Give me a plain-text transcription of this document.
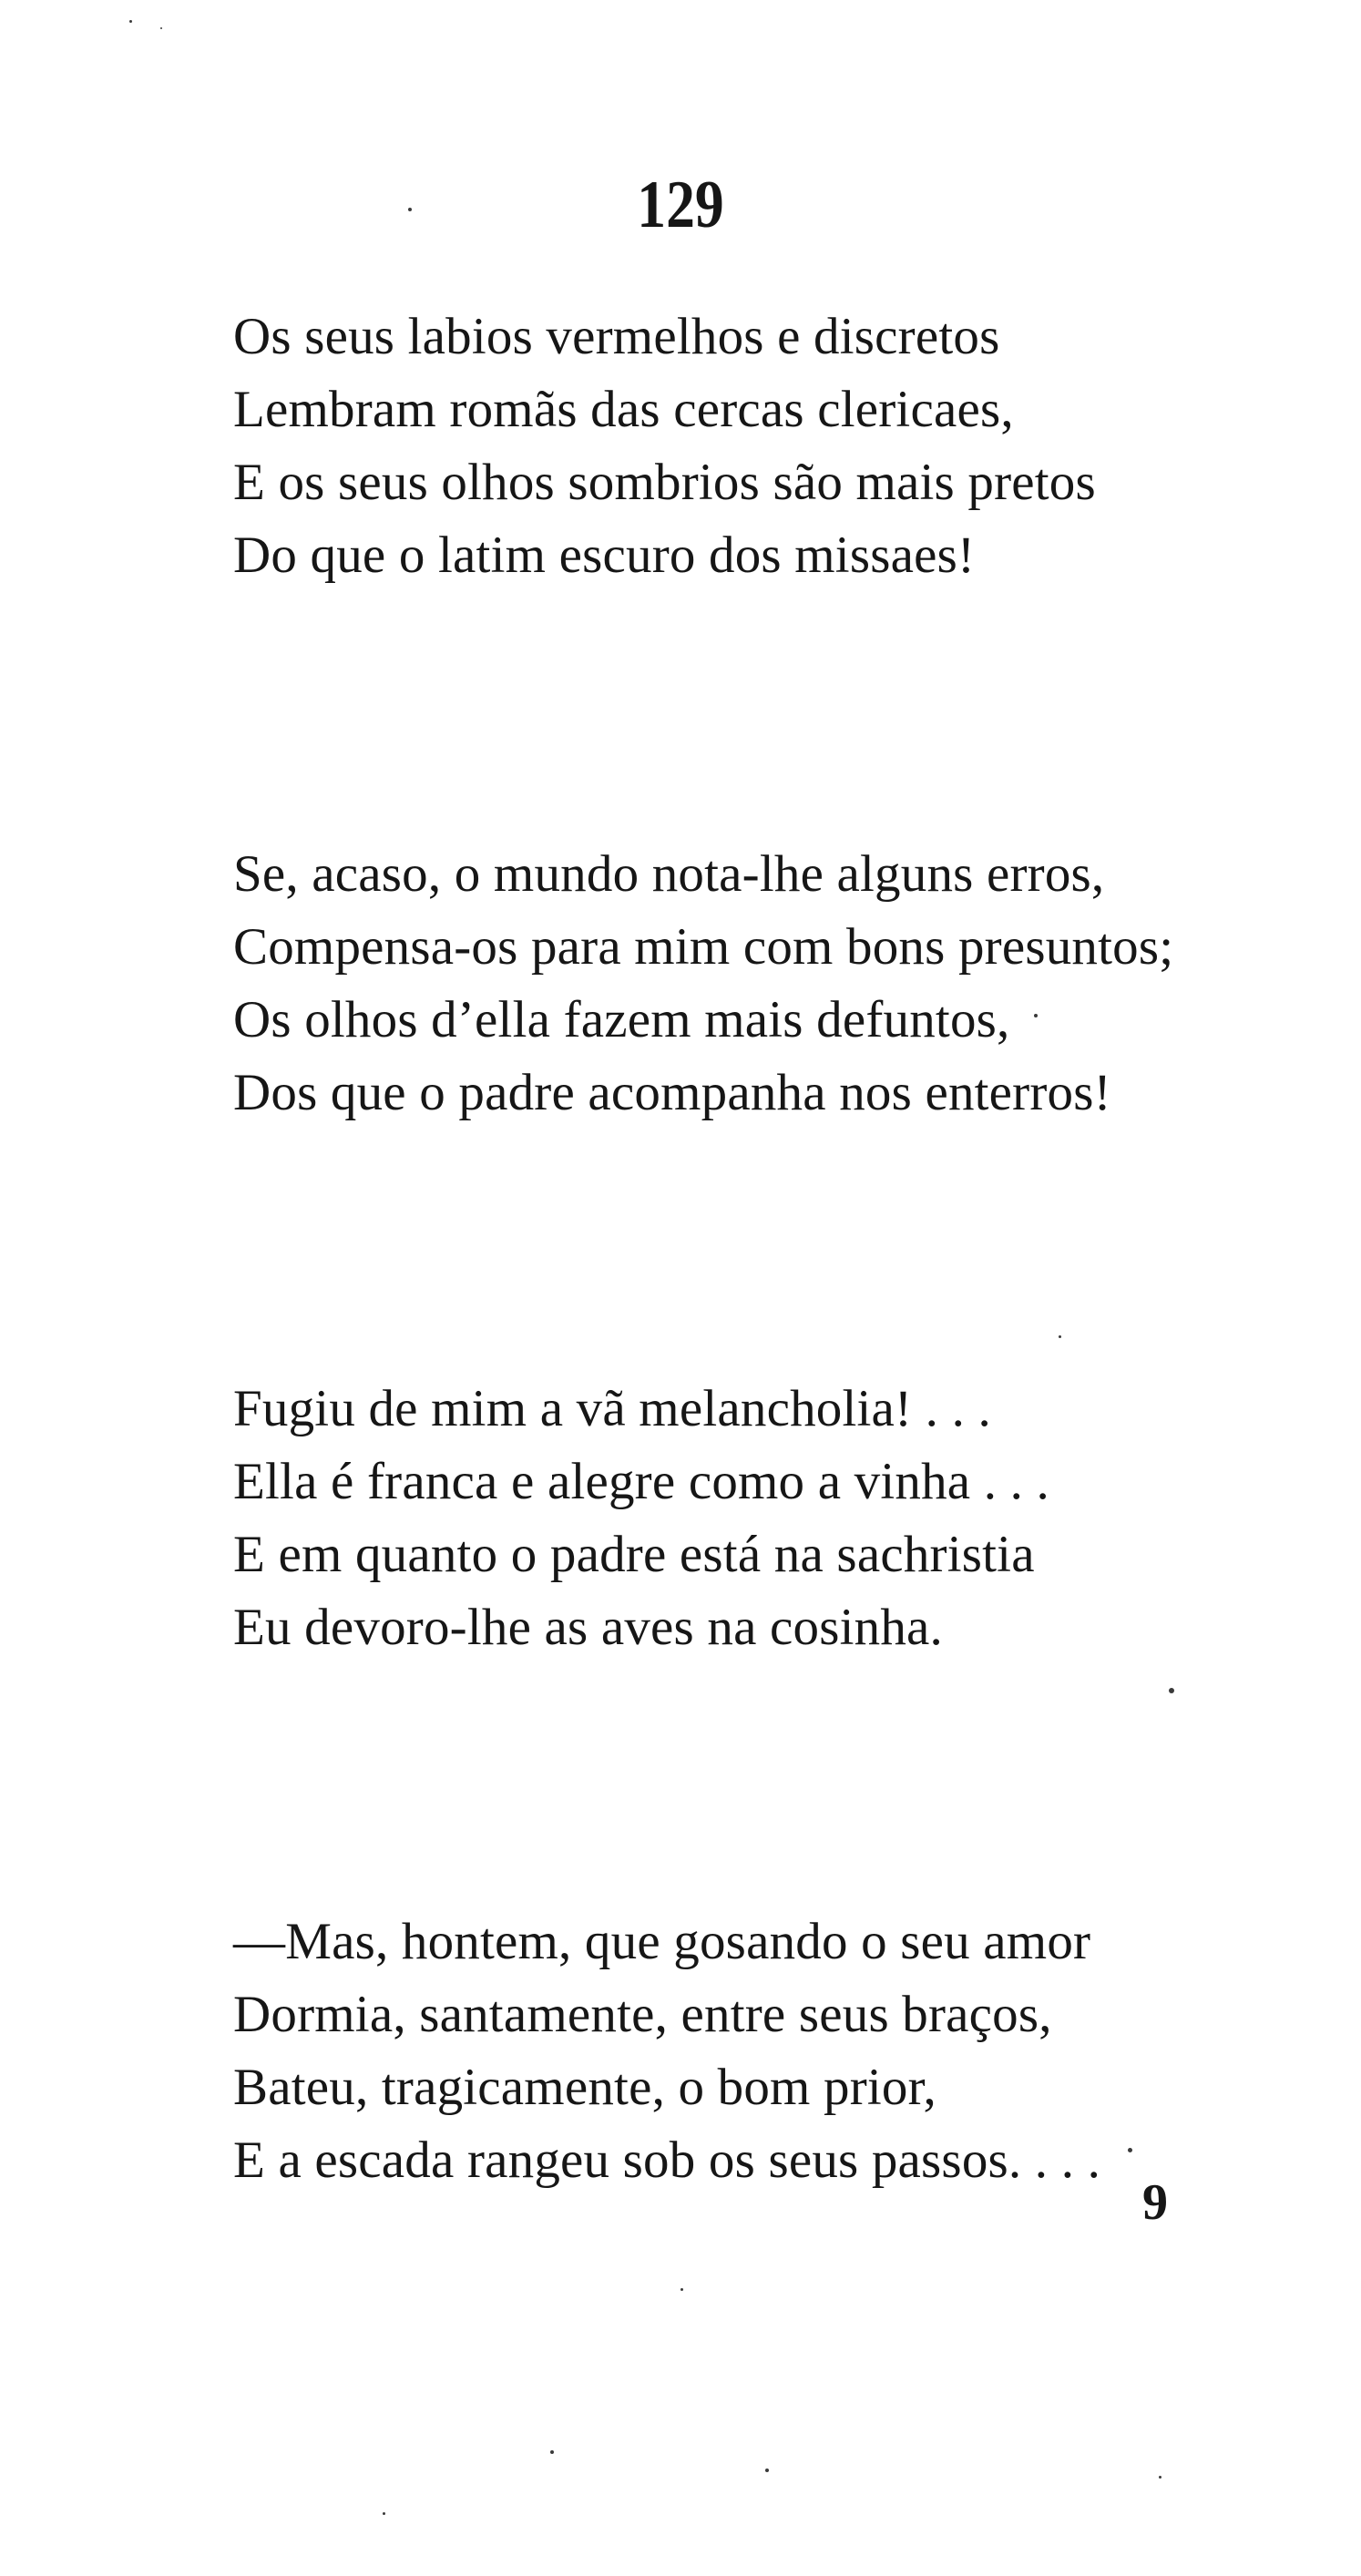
129
Os seus labios vermelhos e discretos
Lembram romãs das cercas clericaes,
E os seus olhos sombrios são mais pretos
Do que o latim escuro dos missaes!
Se, acaso, o mundo nota-lhe alguns erros,
Compensa-os para mim com bons presuntos;
Os olhos d’ella fazem mais defuntos,
Dos que o padre acompanha nos enterros!
Fugiu de mim a vã melancholia! . . .
Ella é franca e alegre como a vinha . . .
E em quanto o padre está na sachristia
Eu devoro-lhe as aves na cosinha.
—Mas, hontem, que gosando o seu amor
Dormia, santamente, entre seus braços,
Bateu, tragicamente, o bom prior,
E a escada rangeu sob os seus passos. . . .
9
